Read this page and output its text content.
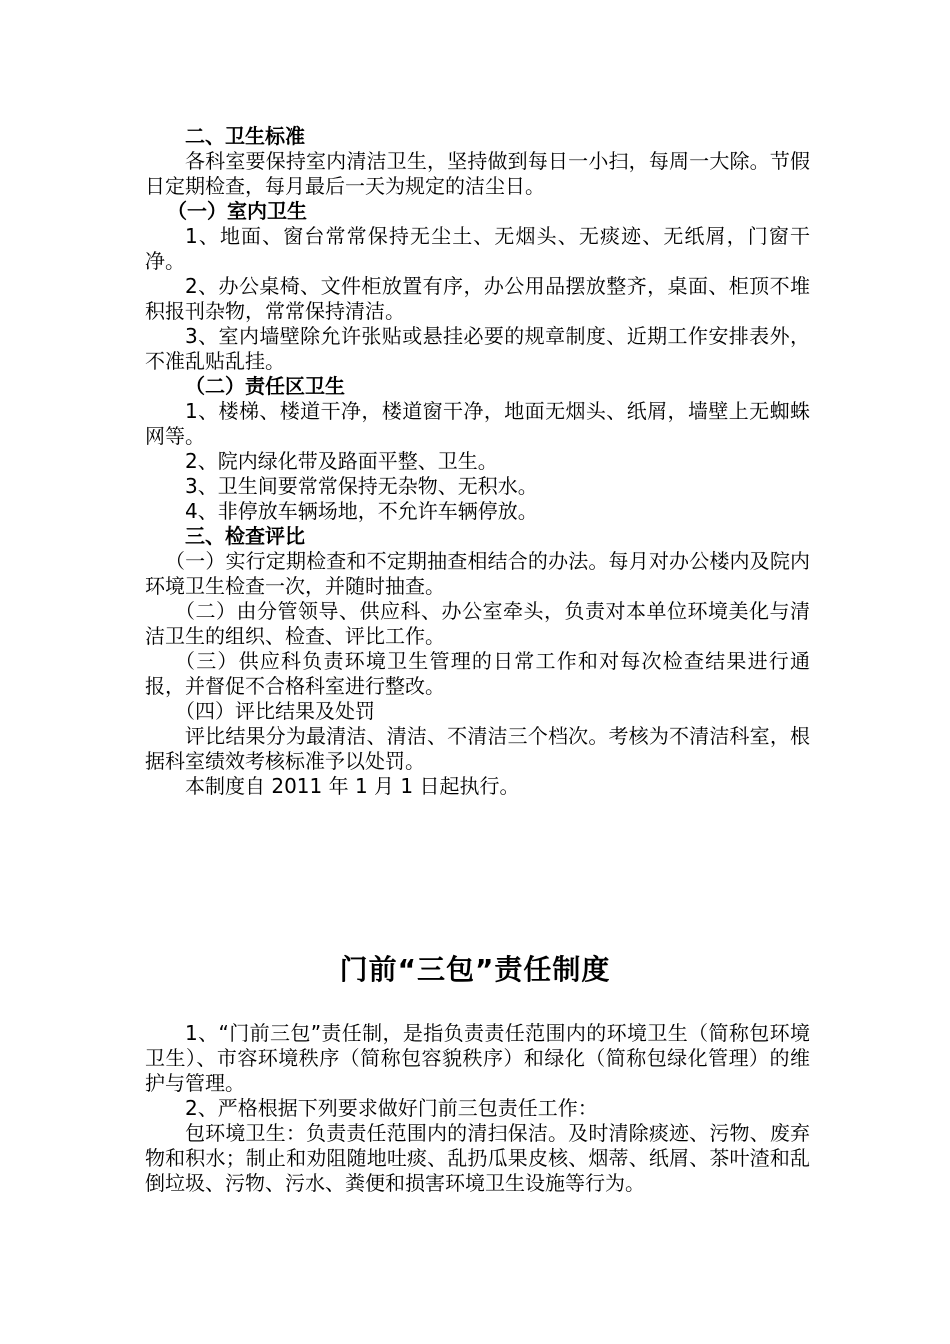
二、卫生标准

各科室要保持室内清洁卫生，坚持做到每日一小扫，每周一大除。节假日定期检查，每月最后一天为规定的洁尘日。

（一）室内卫生

1、地面、窗台常常保持无尘土、无烟头、无痰迹、无纸屑，门窗干净。

2、办公桌椅、文件柜放置有序，办公用品摆放整齐，桌面、柜顶不堆积报刊杂物，常常保持清洁。

3、室内墙壁除允许张贴或悬挂必要的规章制度、近期工作安排表外，不准乱贴乱挂。

（二）责任区卫生

1、楼梯、楼道干净，楼道窗干净，地面无烟头、纸屑，墙壁上无蜘蛛网等。

2、院内绿化带及路面平整、卫生。

3、卫生间要常常保持无杂物、无积水。

4、非停放车辆场地，不允许车辆停放。

三、检查评比

（一）实行定期检查和不定期抽查相结合的办法。每月对办公楼内及院内环境卫生检查一次，并随时抽查。

（二）由分管领导、供应科、办公室牵头，负责对本单位环境美化与清洁卫生的组织、检查、评比工作。

（三）供应科负责环境卫生管理的日常工作和对每次检查结果进行通报，并督促不合格科室进行整改。

（四）评比结果及处罚

评比结果分为最清洁、清洁、不清洁三个档次。考核为不清洁科室，根据科室绩效考核标准予以处罚。

本制度自 2011 年 1 月 1 日起执行。

门前“三包”责任制度

1、“门前三包”责任制，是指负责责任范围内的环境卫生（简称包环境卫生）、市容环境秩序（简称包容貌秩序）和绿化（简称包绿化管理）的维护与管理。

2、严格根据下列要求做好门前三包责任工作：

包环境卫生：负责责任范围内的清扫保洁。及时清除痰迹、污物、废弃物和积水；制止和劝阻随地吐痰、乱扔瓜果皮核、烟蒂、纸屑、茶叶渣和乱倒垃圾、污物、污水、粪便和损害环境卫生设施等行为。
